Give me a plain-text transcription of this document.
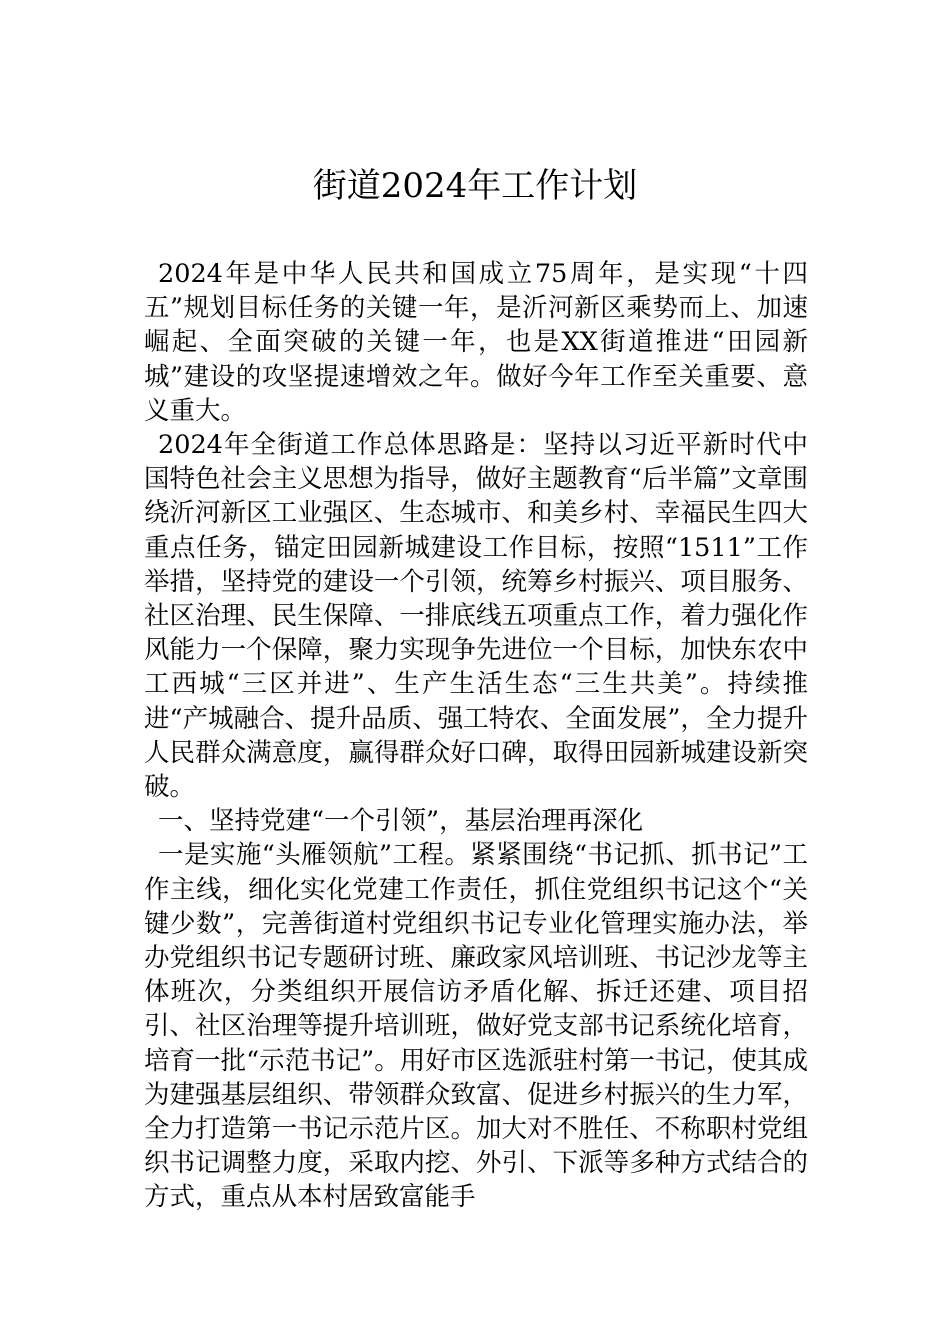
街道2024年工作计划

2024年是中华人民共和国成立75周年，是实现“十四五”规划目标任务的关键一年，是沂河新区乘势而上、加速崛起、全面突破的关键一年，也是XX街道推进“田园新城”建设的攻坚提速增效之年。做好今年工作至关重要、意义重大。

2024年全街道工作总体思路是：坚持以习近平新时代中国特色社会主义思想为指导，做好主题教育“后半篇”文章围绕沂河新区工业强区、生态城市、和美乡村、幸福民生四大重点任务，锚定田园新城建设工作目标，按照“1511”工作举措，坚持党的建设一个引领，统筹乡村振兴、项目服务、社区治理、民生保障、一排底线五项重点工作，着力强化作风能力一个保障，聚力实现争先进位一个目标，加快东农中工西城“三区并进”、生产生活生态“三生共美”。持续推进“产城融合、提升品质、强工特农、全面发展”，全力提升人民群众满意度，赢得群众好口碑，取得田园新城建设新突破。

一、坚持党建“一个引领”，基层治理再深化

一是实施“头雁领航”工程。紧紧围绕“书记抓、抓书记”工作主线，细化实化党建工作责任，抓住党组织书记这个“关键少数”，完善街道村党组织书记专业化管理实施办法，举办党组织书记专题研讨班、廉政家风培训班、书记沙龙等主体班次，分类组织开展信访矛盾化解、拆迁还建、项目招引、社区治理等提升培训班，做好党支部书记系统化培育，培育一批“示范书记”。用好市区选派驻村第一书记，使其成为建强基层组织、带领群众致富、促进乡村振兴的生力军，全力打造第一书记示范片区。加大对不胜任、不称职村党组织书记调整力度，采取内挖、外引、下派等多种方式结合的方式，重点从本村居致富能手
